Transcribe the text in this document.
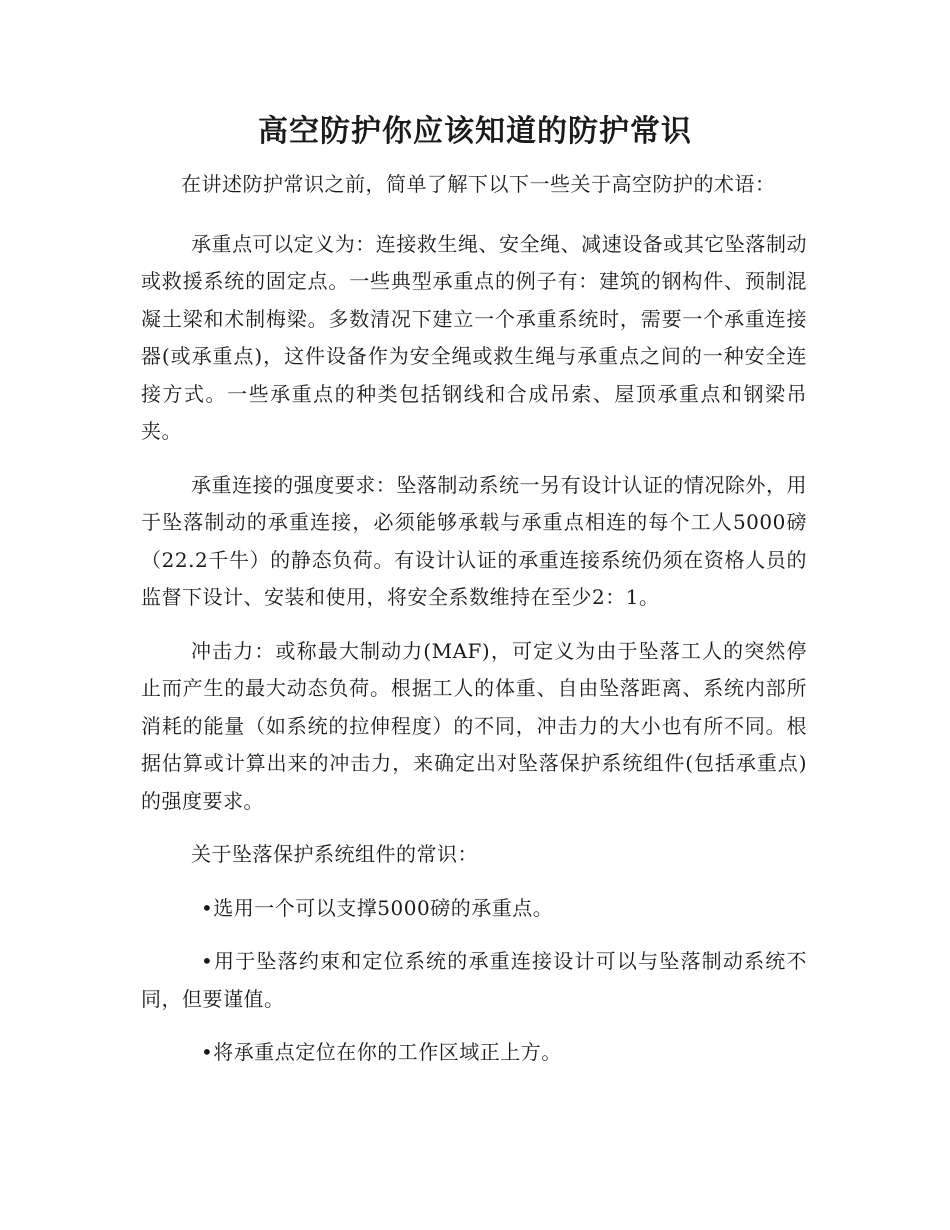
高空防护你应该知道的防护常识

在讲述防护常识之前，简单了解下以下一些关于高空防护的术语：

承重点可以定义为：连接救生绳、安全绳、减速设备或其它坠落制动或救援系统的固定点。一些典型承重点的例子有：建筑的钢构件、预制混凝土梁和术制梅梁。多数清况下建立一个承重系统时，需要一个承重连接器(或承重点)，这件设备作为安全绳或救生绳与承重点之间的一种安全连接方式。一些承重点的种类包括钢线和合成吊索、屋顶承重点和钢梁吊夹。

承重连接的强度要求：坠落制动系统一另有设计认证的情况除外，用于坠落制动的承重连接，必须能够承载与承重点相连的每个工人5000磅（22.2千牛）的静态负荷。有设计认证的承重连接系统仍须在资格人员的监督下设计、安装和使用，将安全系数维持在至少2：1。

冲击力：或称最大制动力(MAF)，可定义为由于坠落工人的突然停止而产生的最大动态负荷。根据工人的体重、自由坠落距离、系统内部所消耗的能量（如系统的拉伸程度）的不同，冲击力的大小也有所不同。根据估算或计算出来的冲击力，来确定出对坠落保护系统组件(包括承重点)的强度要求。

关于坠落保护系统组件的常识：

•选用一个可以支撑5000磅的承重点。

•用于坠落约束和定位系统的承重连接设计可以与坠落制动系统不同，但要谨值。

•将承重点定位在你的工作区域正上方。
